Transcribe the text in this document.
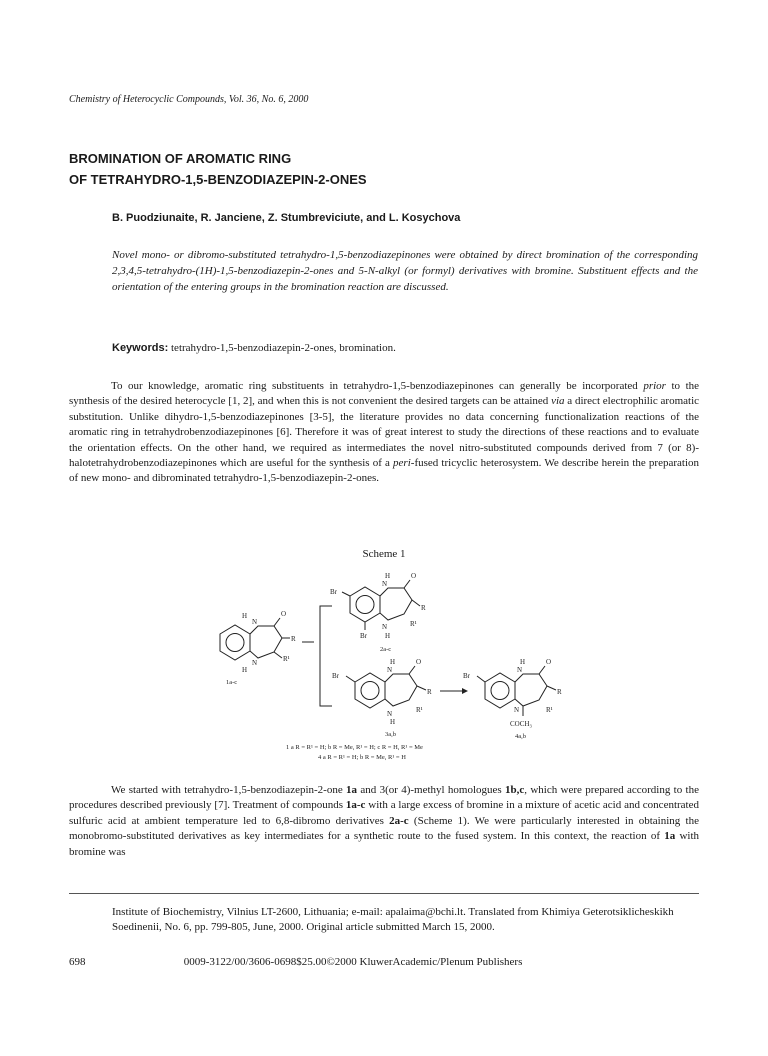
Chemistry of Heterocyclic Compounds, Vol. 36, No. 6, 2000
BROMINATION OF AROMATIC RING
OF TETRAHYDRO-1,5-BENZODIAZEPIN-2-ONES
B. Puodziunaite, R. Janciene, Z. Stumbreviciute, and L. Kosychova
Novel mono- or dibromo-substituted tetrahydro-1,5-benzodiazepinones were obtained by direct bromination of the corresponding 2,3,4,5-tetrahydro-(1H)-1,5-benzodiazepin-2-ones and 5-N-alkyl (or formyl) derivatives with bromine. Substituent effects and the orientation of the entering groups in the bromination reaction are discussed.
Keywords: tetrahydro-1,5-benzodiazepin-2-ones, bromination.
To our knowledge, aromatic ring substituents in tetrahydro-1,5-benzodiazepinones can generally be incorporated prior to the synthesis of the desired heterocycle [1, 2], and when this is not convenient the desired targets can be attained via a direct electrophilic aromatic substitution. Unlike dihydro-1,5-benzodiazepinones [3-5], the literature provides no data concerning functionalization reactions of the aromatic ring in tetrahydrobenzodiazepinones [6]. Therefore it was of great interest to study the directions of these reactions and to evaluate the orientation effects. On the other hand, we required as intermediates the novel nitro-substituted compounds derived from 7 (or 8)-halotetrahydrobenzodiazepinones which are useful for the synthesis of a peri-fused tricyclic heterosystem. We describe herein the preparation of new mono- and dibrominated tetrahydro-1,5-benzodiazepin-2-ones.
Scheme 1
N
H	O
R
R¹
N
H
1a-c
Br
Br
N
H	O
R
R¹
N
H
2a-c
Br
N
H	O
R
R¹
N
H
3a,b
Br
N
H	O
R
R¹
N
COCH₃
4a,b
1 a R = R¹ = H; b R = Me, R¹ = H; c R = H, R¹ = Me
4 a R = R¹ = H; b R = Me, R¹ = H
We started with tetrahydro-1,5-benzodiazepin-2-one 1a and 3(or 4)-methyl homologues 1b,c, which were prepared according to the procedures described previously [7]. Treatment of compounds 1a-c with a large excess of bromine in a mixture of acetic acid and concentrated sulfuric acid at ambient temperature led to 6,8-dibromo derivatives 2a-c (Scheme 1). We were particularly interested in obtaining the monobromo-substituted derivatives as key intermediates for a synthetic route to the fused system. In this context, the reaction of 1a with bromine was
Institute of Biochemistry, Vilnius LT-2600, Lithuania; e-mail: apalaima@bchi.lt. Translated from Khimiya Geterotsiklicheskikh Soedinenii, No. 6, pp. 799-805, June, 2000. Original article submitted March 15, 2000.
698	0009-3122/00/3606-0698$25.00©2000 KluwerAcademic/Plenum Publishers
